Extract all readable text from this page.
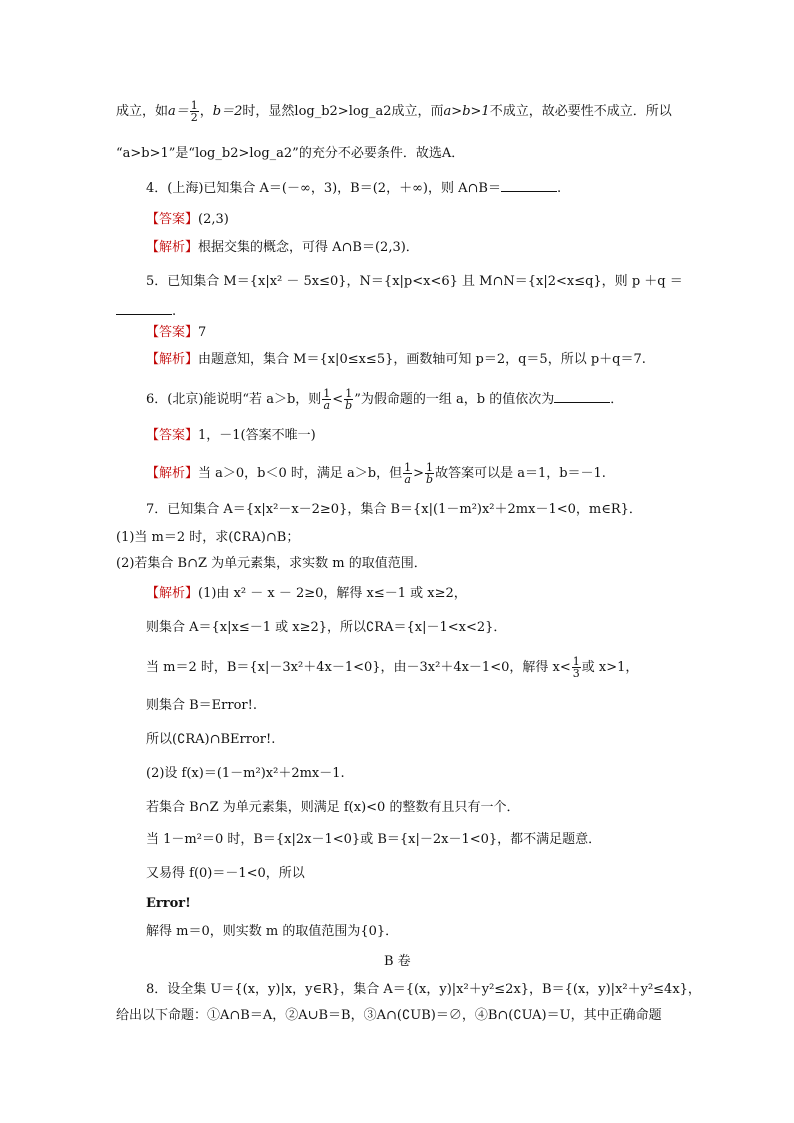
成立，如$a= \frac{1}{2}$ ，b＝2时，显然log_b2>log_a2成立，而a>b>1不成立，故必要性不成立．所以
“a>b>1”是“log_b2>log_a2”的充分不必要条件．故选A．
4．(上海)已知集合 A＝(－∞，3)，B＝(2，＋∞)，则 A∩B＝	.
【答案】(2,3)
【解析】根据交集的概念，可得 A∩B＝(2,3)．
5．已知集合 M＝{x|x² － 5x≤0}，N＝{x|p<x<6} 且 M∩N＝{x|2<x≤q}，则 p ＋q ＝
.
【答案】7
【解析】由题意知，集合 M＝{x|0≤x≤5}，画数轴可知 p＝2，q＝5，所以 p＋q＝7.
6．(北京)能说明“若 a＞b，则 $\frac{1}{a} < \frac{1}{b}$ ”为假命题的一组 a，b 的值依次为	．
【答案】1，－1(答案不唯一)
【解析】当 a＞0，b＜0 时，满足 a＞b，但 $\frac{1}{a} > \frac{1}{b}$ 故答案可以是 a＝1，b＝－1.
7．已知集合 A＝{x|x²－x－2≥0}，集合 B＝{x|(1－m²)x²＋2mx－1<0，m∈R}．
(1)当 m＝2 时，求(∁RA)∩B；
(2)若集合 B∩Z 为单元素集，求实数 m 的取值范围．
【解析】(1)由 x² － x － 2≥0，解得 x≤－1 或 x≥2，
则集合 A＝{x|x≤－1 或 x≥2}，所以∁RA＝{x|－1<x<2}．
当 m＝2 时，B＝{x|－3x²＋4x－1<0}，由－3x²＋4x－1<0，解得 $x< \frac{1}{3}$ 或 x>1，
则集合 B＝Error!.
所以(∁RA)∩BError!.
(2)设 f(x)＝(1－m²)x²＋2mx－1.
若集合 B∩Z 为单元素集，则满足 f(x)<0 的整数有且只有一个．
当 1－m²＝0 时，B＝{x|2x－1<0}或 B＝{x|－2x－1<0}，都不满足题意．
又易得 f(0)＝－1<0，所以
Error!
解得 m＝0，则实数 m 的取值范围为{0}．
B 卷
8．设全集 U＝{(x，y)|x，y∈R}，集合 A＝{(x，y)|x²＋y²≤2x}，B＝{(x，y)|x²＋y²≤4x}，
给出以下命题：①A∩B＝A，②A∪B＝B，③A∩(∁UB)＝∅，④B∩(∁UA)＝U，其中正确命题
